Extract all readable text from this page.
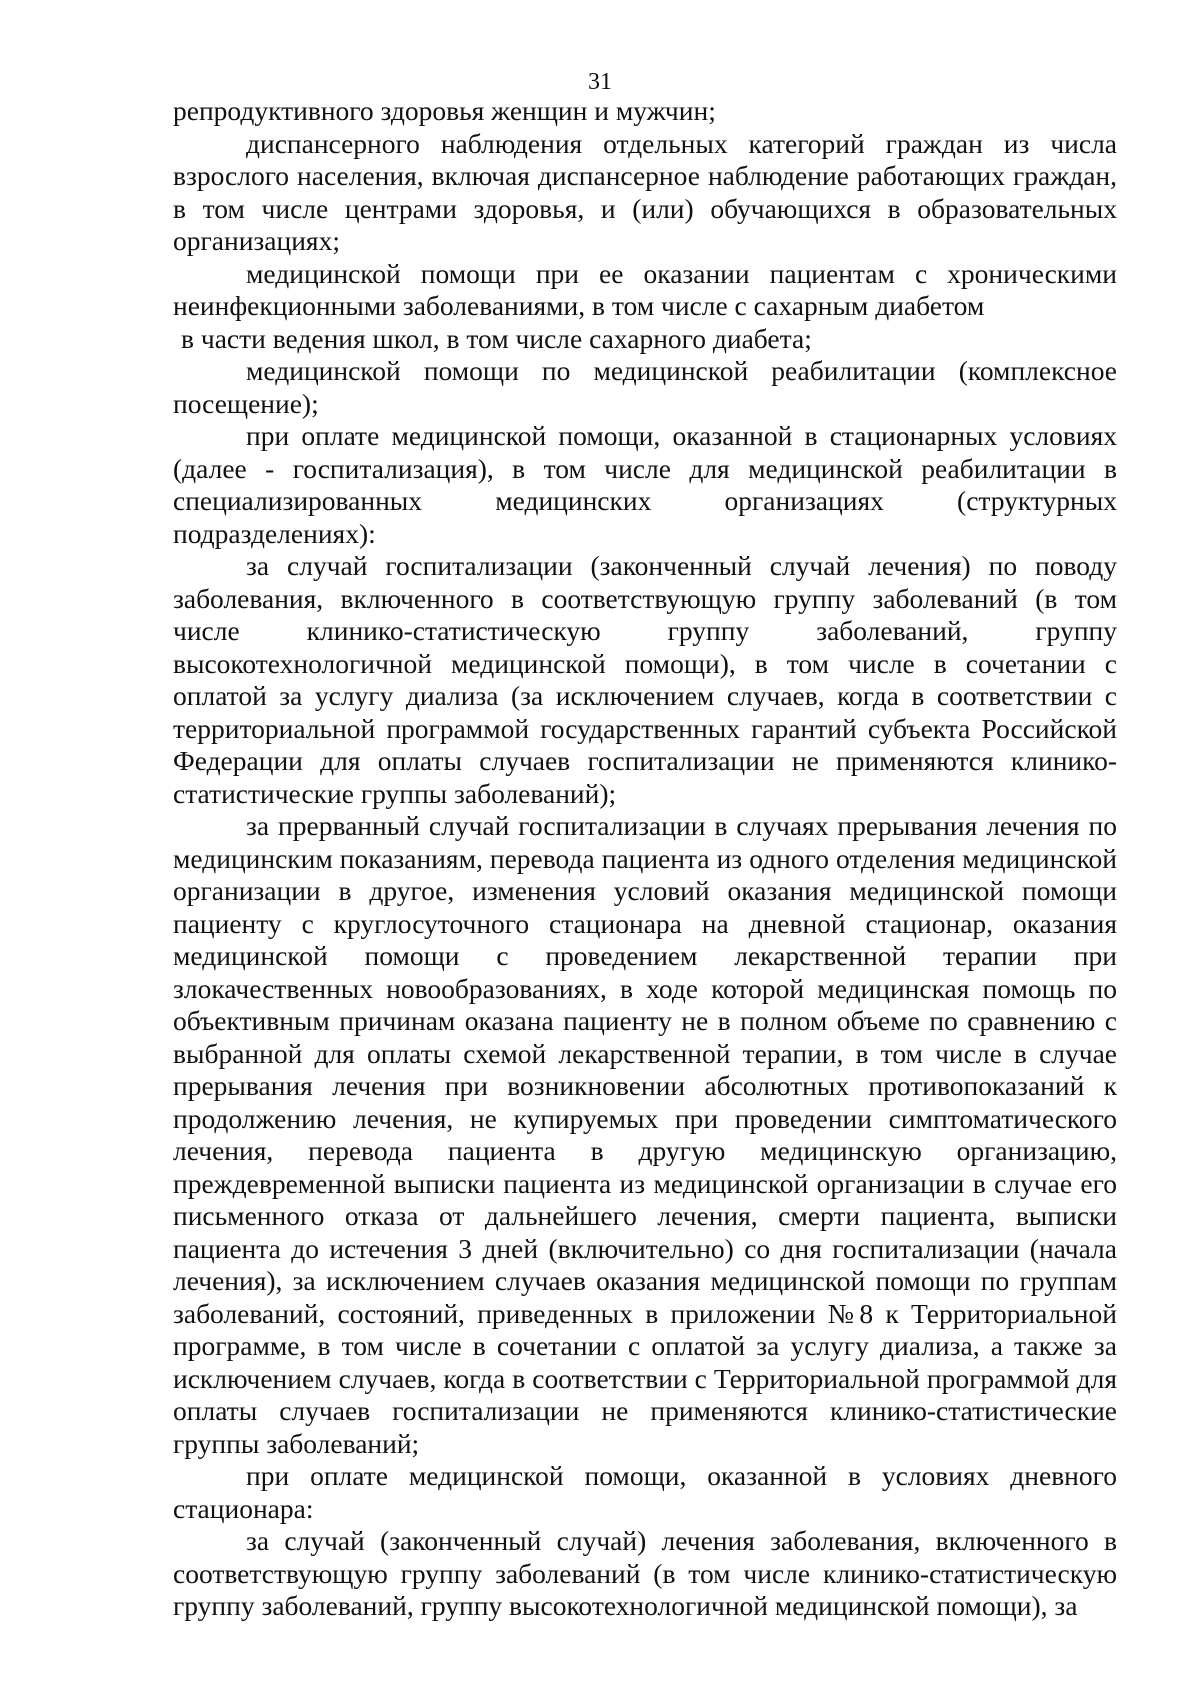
31

репродуктивного здоровья женщин и мужчин;

диспансерного наблюдения отдельных категорий граждан из числа взрослого населения, включая диспансерное наблюдение работающих граждан, в том числе центрами здоровья, и (или) обучающихся в образовательных организациях;

медицинской помощи при ее оказании пациентам с хроническими неинфекционными заболеваниями, в том числе с сахарным диабетом

в части ведения школ, в том числе сахарного диабета;

медицинской помощи по медицинской реабилитации (комплексное посещение);

при оплате медицинской помощи, оказанной в стационарных условиях (далее - госпитализация), в том числе для медицинской реабилитации в специализированных медицинских организациях (структурных подразделениях):

за случай госпитализации (законченный случай лечения) по поводу заболевания, включенного в соответствующую группу заболеваний (в том числе клинико-статистическую группу заболеваний, группу высокотехнологичной медицинской помощи), в том числе в сочетании с оплатой за услугу диализа (за исключением случаев, когда в соответствии с территориальной программой государственных гарантий субъекта Российской Федерации для оплаты случаев госпитализации не применяются клинико-статистические группы заболеваний);

за прерванный случай госпитализации в случаях прерывания лечения по медицинским показаниям, перевода пациента из одного отделения медицинской организации в другое, изменения условий оказания медицинской помощи пациенту с круглосуточного стационара на дневной стационар, оказания медицинской помощи с проведением лекарственной терапии при злокачественных новообразованиях, в ходе которой медицинская помощь по объективным причинам оказана пациенту не в полном объеме по сравнению с выбранной для оплаты схемой лекарственной терапии, в том числе в случае прерывания лечения при возникновении абсолютных противопоказаний к продолжению лечения, не купируемых при проведении симптоматического лечения, перевода пациента в другую медицинскую организацию, преждевременной выписки пациента из медицинской организации в случае его письменного отказа от дальнейшего лечения, смерти пациента, выписки пациента до истечения 3 дней (включительно) со дня госпитализации (начала лечения), за исключением случаев оказания медицинской помощи по группам заболеваний, состояний, приведенных в приложении №8 к Территориальной программе, в том числе в сочетании с оплатой за услугу диализа, а также за исключением случаев, когда в соответствии с Территориальной программой для оплаты случаев госпитализации не применяются клинико-статистические группы заболеваний;

при оплате медицинской помощи, оказанной в условиях дневного стационара:

за случай (законченный случай) лечения заболевания, включенного в соответствующую группу заболеваний (в том числе клинико-статистическую группу заболеваний, группу высокотехнологичной медицинской помощи), за
